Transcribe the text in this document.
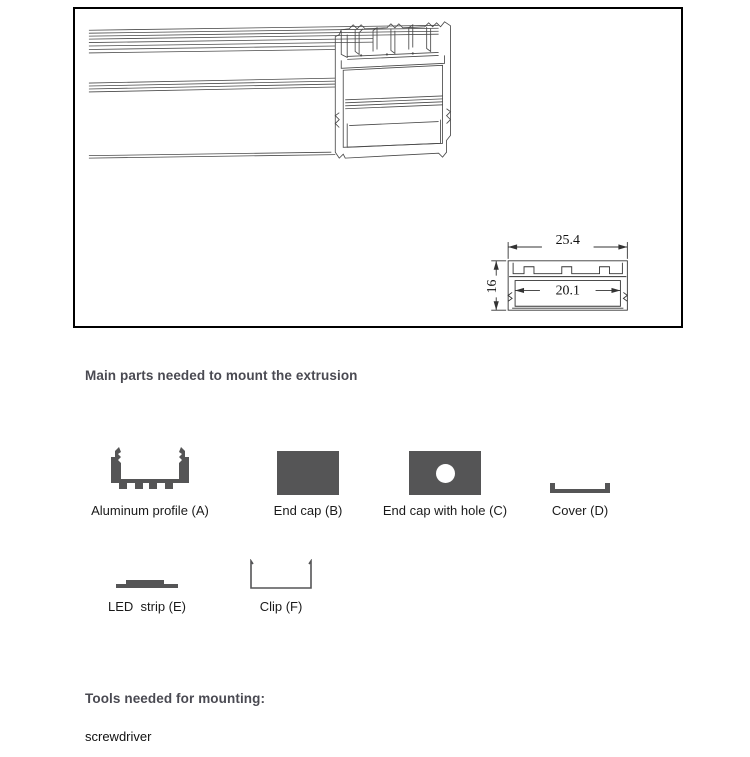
25.4
20.1
16
Main parts needed to mount the extrusion
Aluminum profile (A)	End cap (B)	End cap with hole (C)	Cover (D)
LED  strip (E)	Clip (F)
Tools needed for mounting:
screwdriver
